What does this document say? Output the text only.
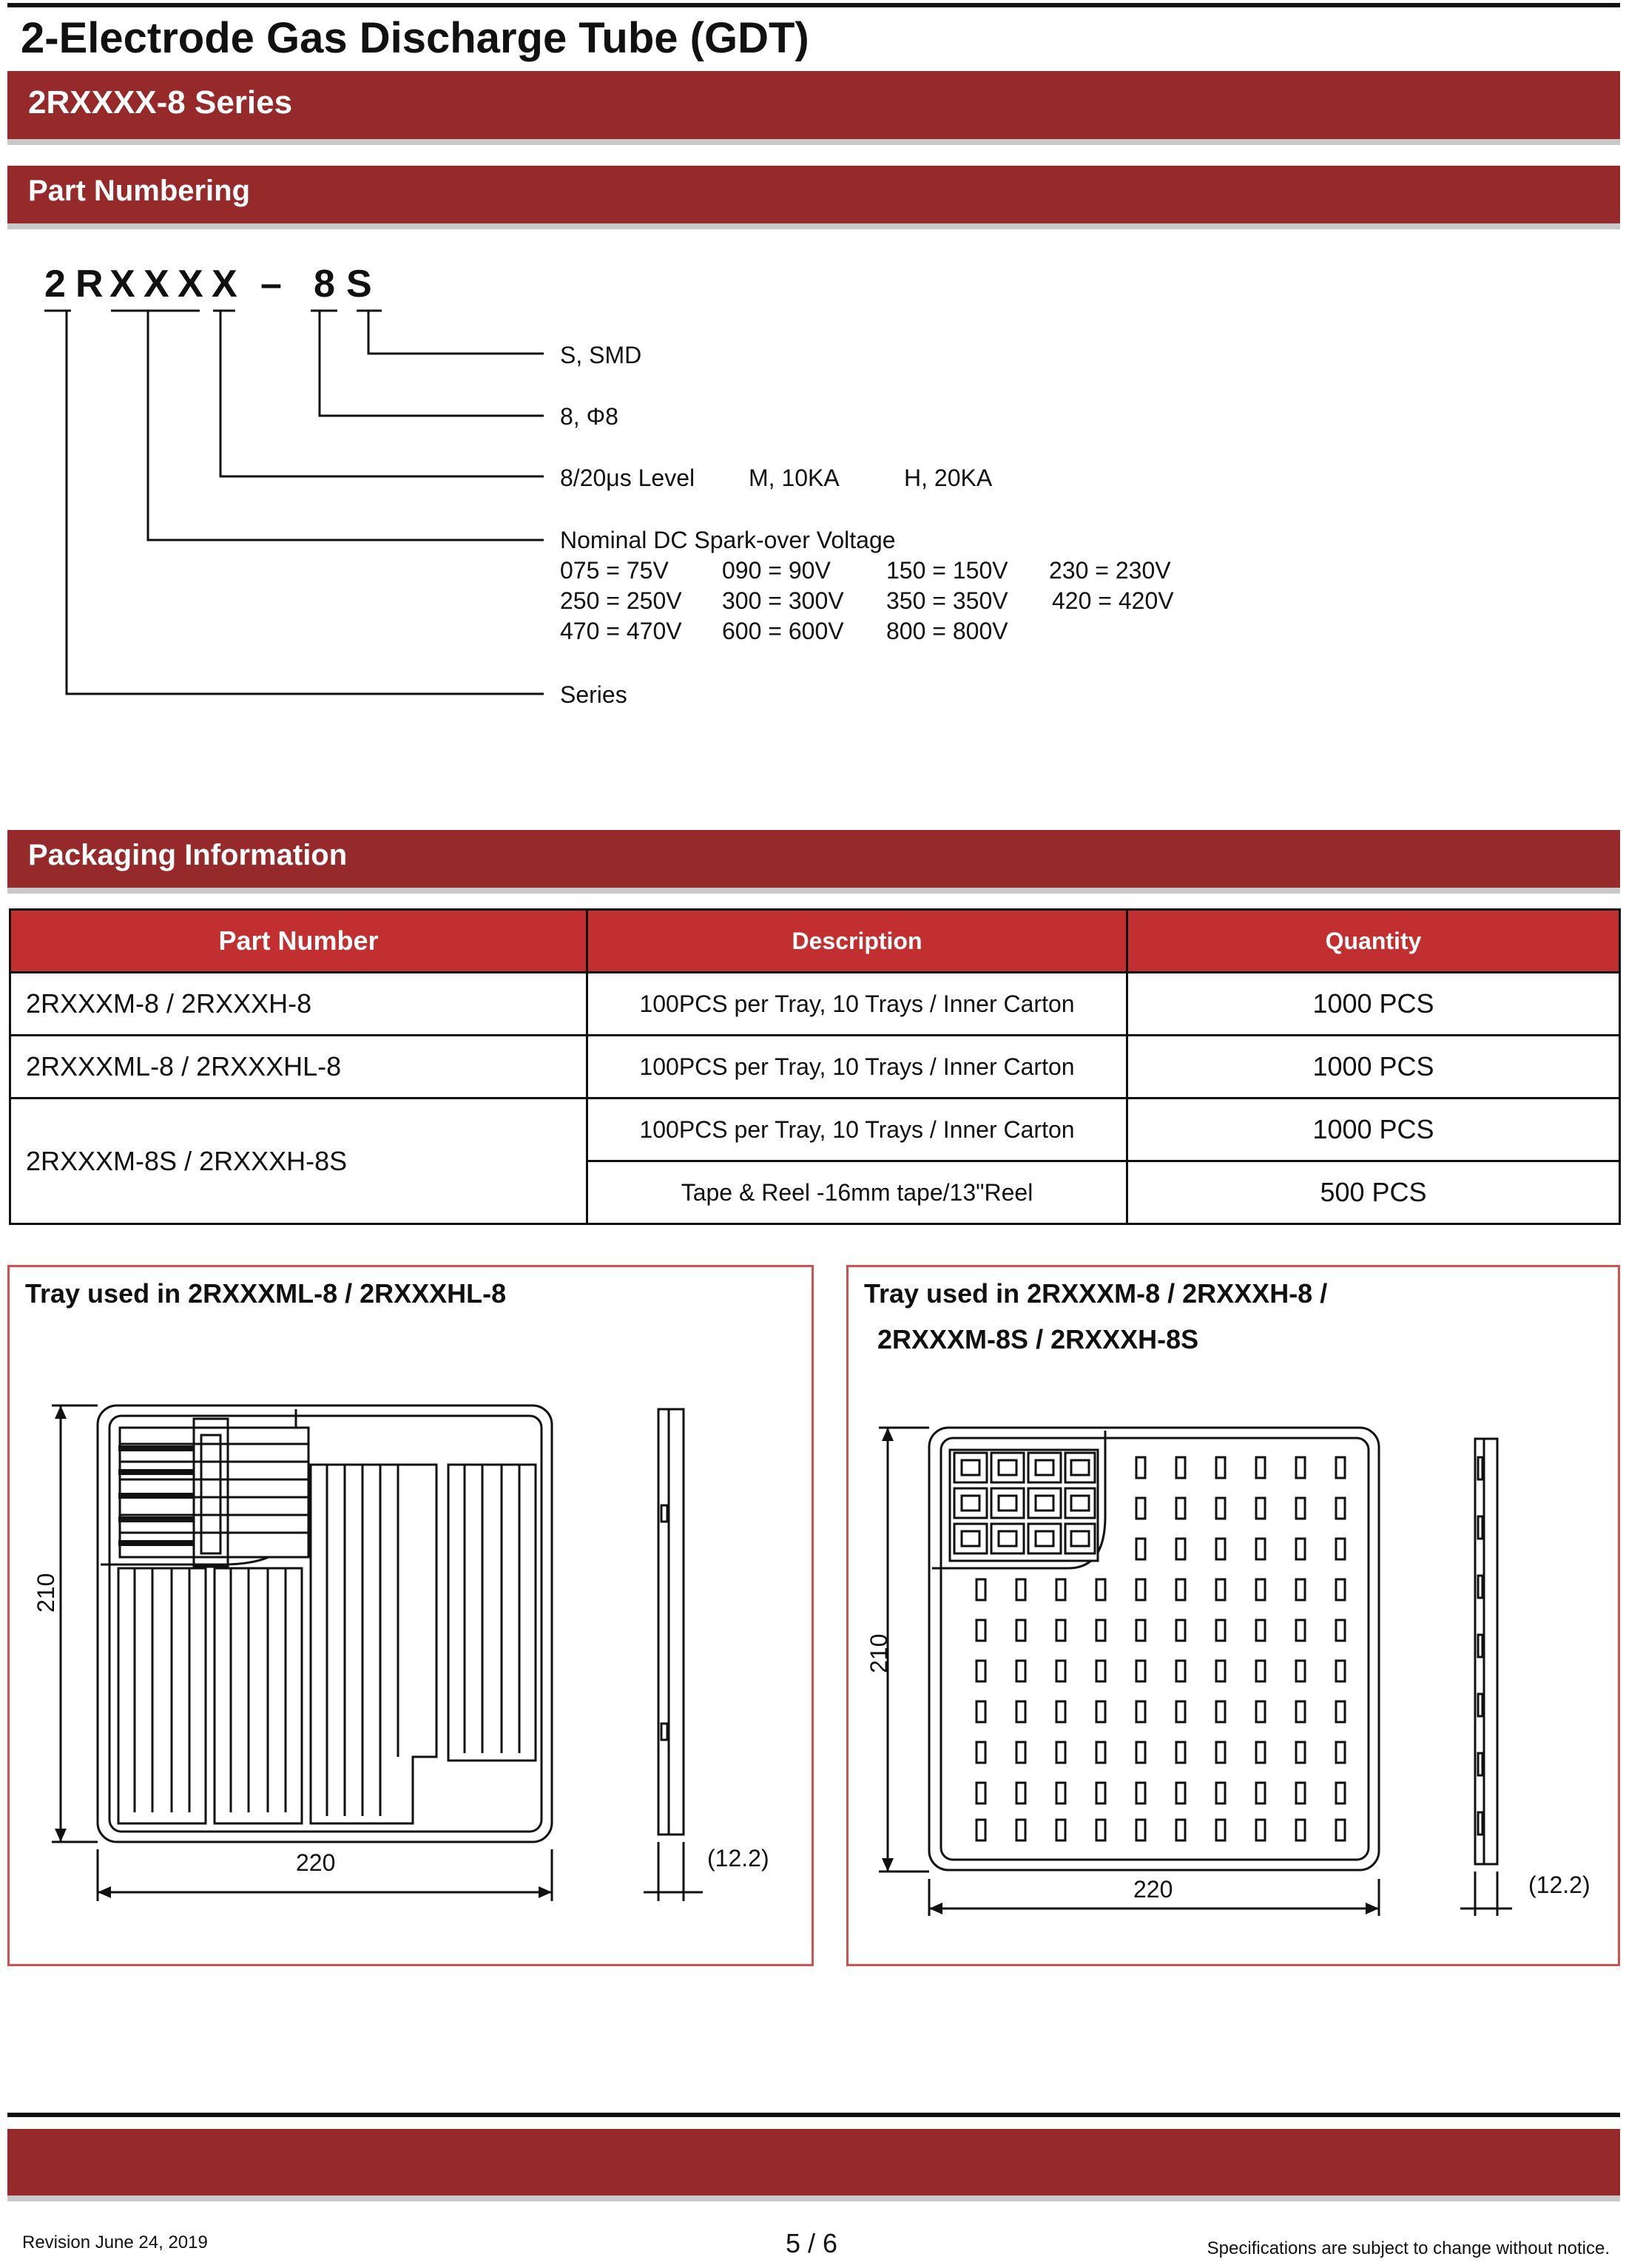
2-Electrode Gas Discharge Tube (GDT)
2RXXXX-8 Series
Part Numbering
2 R X X X X – 8 S
S, SMD
8, Φ8
8/20μs Level M, 10KA	H, 20KA
Nominal DC Spark-over Voltage
075 = 75V 090 = 90V 150 = 150V 230 = 230V
250 = 250V 300 = 300V 350 = 350V 420 = 420V
470 = 470V 600 = 600V 800 = 800V
Series
Packaging Information
Part Number	Description	Quantity
2RXXXM-8 / 2RXXXH-8	100PCS per Tray, 10 Trays / Inner Carton	1000 PCS
2RXXXML-8 / 2RXXXHL-8	100PCS per Tray, 10 Trays / Inner Carton	1000 PCS
2RXXXM-8S / 2RXXXH-8S	100PCS per Tray, 10 Trays / Inner Carton	1000 PCS
	Tape & Reel -16mm tape/13"Reel	500 PCS
Tray used in 2RXXXML-8 / 2RXXXHL-8
210
220	(12.2)
Tray used in 2RXXXM-8 / 2RXXXH-8 /
2RXXXM-8S / 2RXXXH-8S
210
220	(12.2)
Revision June 24, 2019	5 / 6	Specifications are subject to change without notice.
